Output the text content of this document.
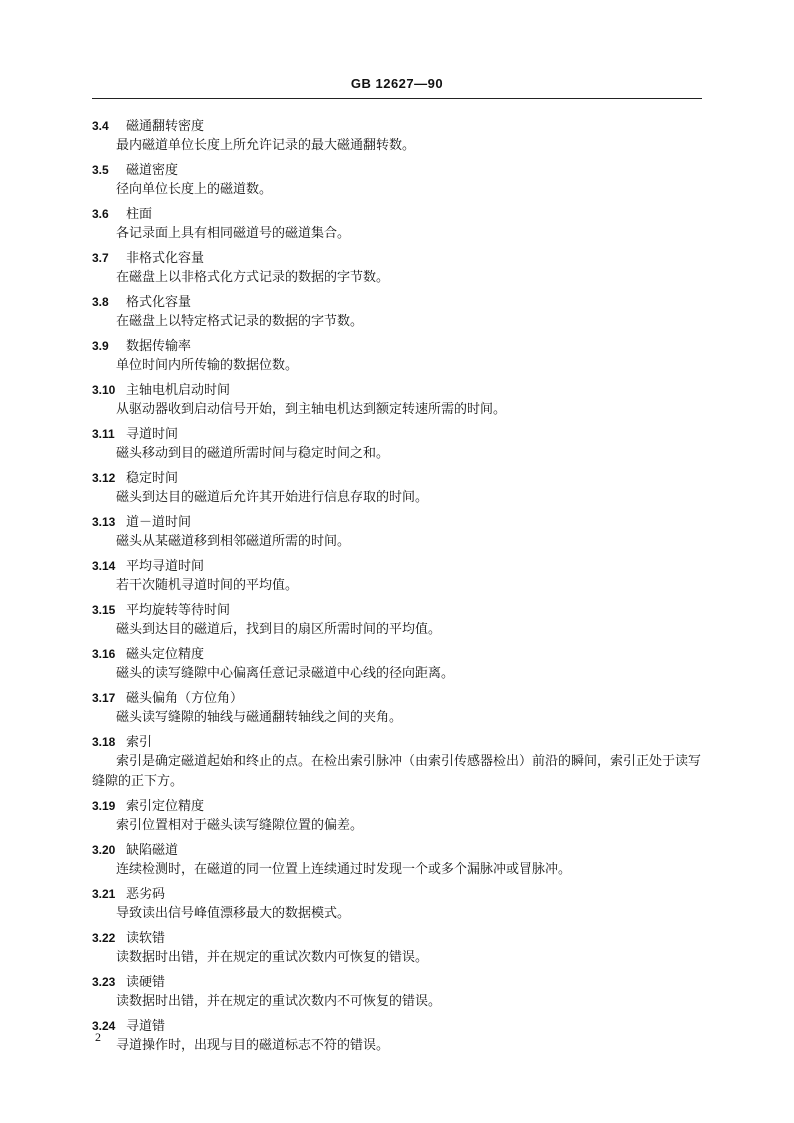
GB 12627—90
3.4 磁通翻转密度
最内磁道单位长度上所允许记录的最大磁通翻转数。
3.5 磁道密度
径向单位长度上的磁道数。
3.6 柱面
各记录面上具有相同磁道号的磁道集合。
3.7 非格式化容量
在磁盘上以非格式化方式记录的数据的字节数。
3.8 格式化容量
在磁盘上以特定格式记录的数据的字节数。
3.9 数据传输率
单位时间内所传输的数据位数。
3.10 主轴电机启动时间
从驱动器收到启动信号开始，到主轴电机达到额定转速所需的时间。
3.11 寻道时间
磁头移动到目的磁道所需时间与稳定时间之和。
3.12 稳定时间
磁头到达目的磁道后允许其开始进行信息存取的时间。
3.13 道－道时间
磁头从某磁道移到相邻磁道所需的时间。
3.14 平均寻道时间
若干次随机寻道时间的平均值。
3.15 平均旋转等待时间
磁头到达目的磁道后，找到目的扇区所需时间的平均值。
3.16 磁头定位精度
磁头的读写缝隙中心偏离任意记录磁道中心线的径向距离。
3.17 磁头偏角（方位角）
磁头读写缝隙的轴线与磁通翻转轴线之间的夹角。
3.18 索引
索引是确定磁道起始和终止的点。在检出索引脉冲（由索引传感器检出）前沿的瞬间，索引正处于读写缝隙的正下方。
3.19 索引定位精度
索引位置相对于磁头读写缝隙位置的偏差。
3.20 缺陷磁道
连续检测时，在磁道的同一位置上连续通过时发现一个或多个漏脉冲或冒脉冲。
3.21 恶劣码
导致读出信号峰值漂移最大的数据模式。
3.22 读软错
读数据时出错，并在规定的重试次数内可恢复的错误。
3.23 读硬错
读数据时出错，并在规定的重试次数内不可恢复的错误。
3.24 寻道错
寻道操作时，出现与目的磁道标志不符的错误。
2
